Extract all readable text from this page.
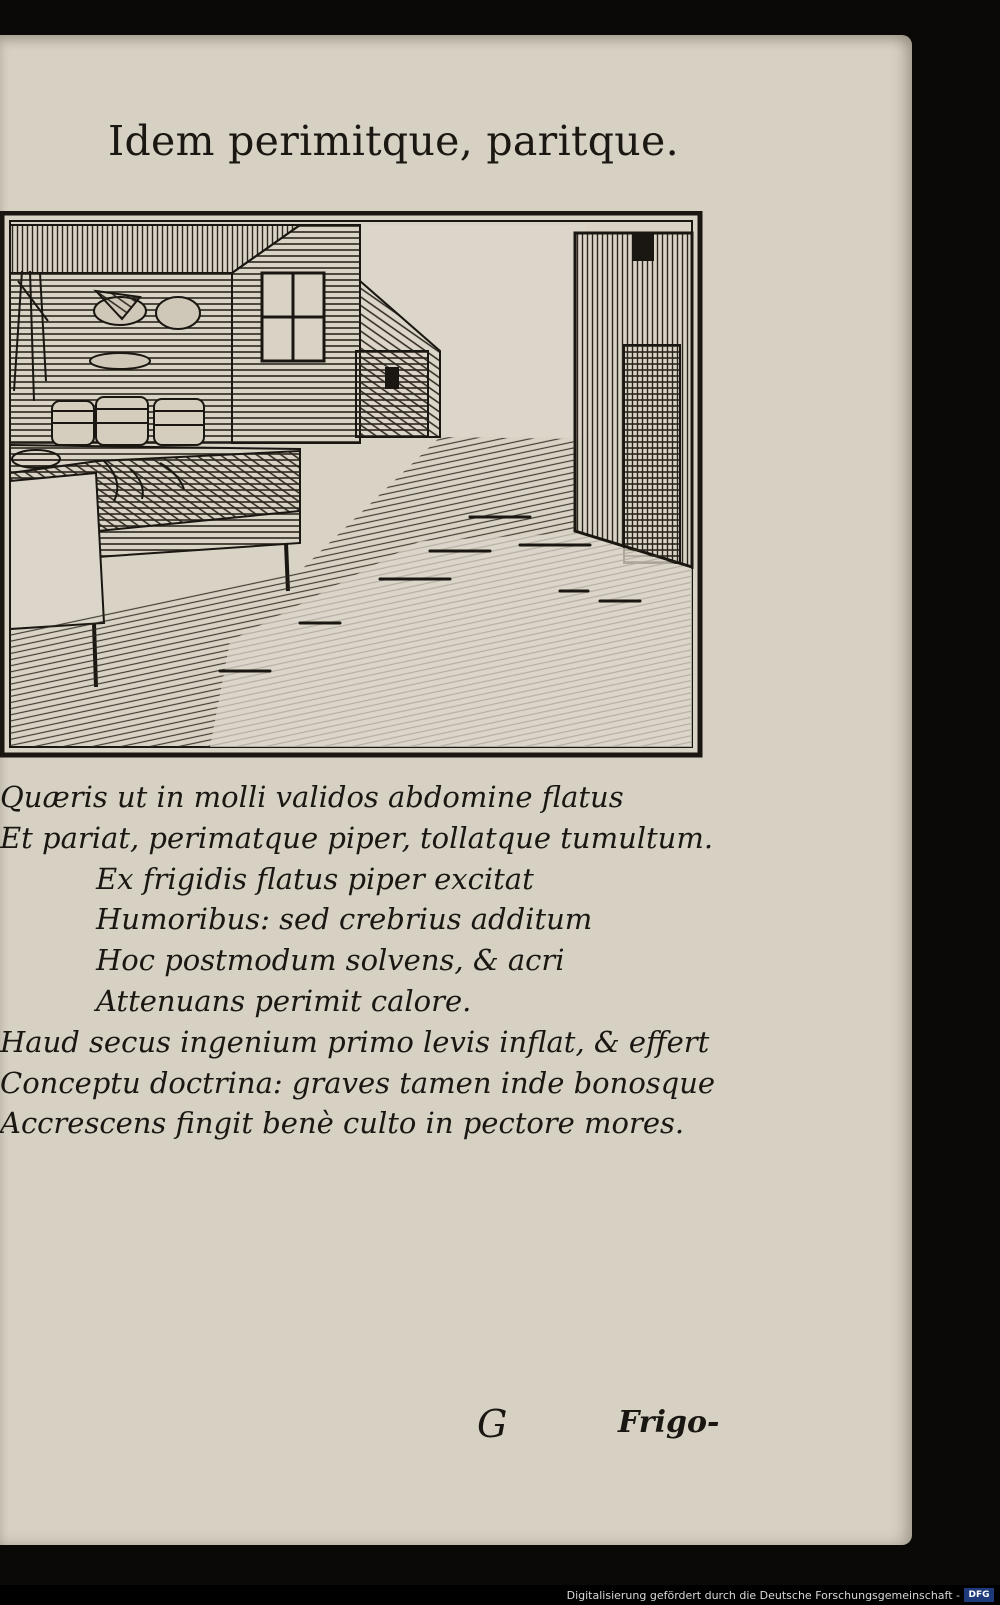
Idem perimitque, paritque.
Quæris ut in molli validos abdomine flatus
Et pariat, perimatque piper, tollatque tumultum.
Ex frigidis flatus piper excitat
Humoribus: sed crebrius additum
Hoc postmodum solvens, & acri
Attenuans perimit calore.
Haud secus ingenium primo levis inflat, & effert
Conceptu doctrina: graves tamen inde bonosque
Accrescens fingit benè culto in pectore mores.
G	Frigo-
Digitalisierung gefördert durch die Deutsche Forschungsgemeinschaft - DFG
